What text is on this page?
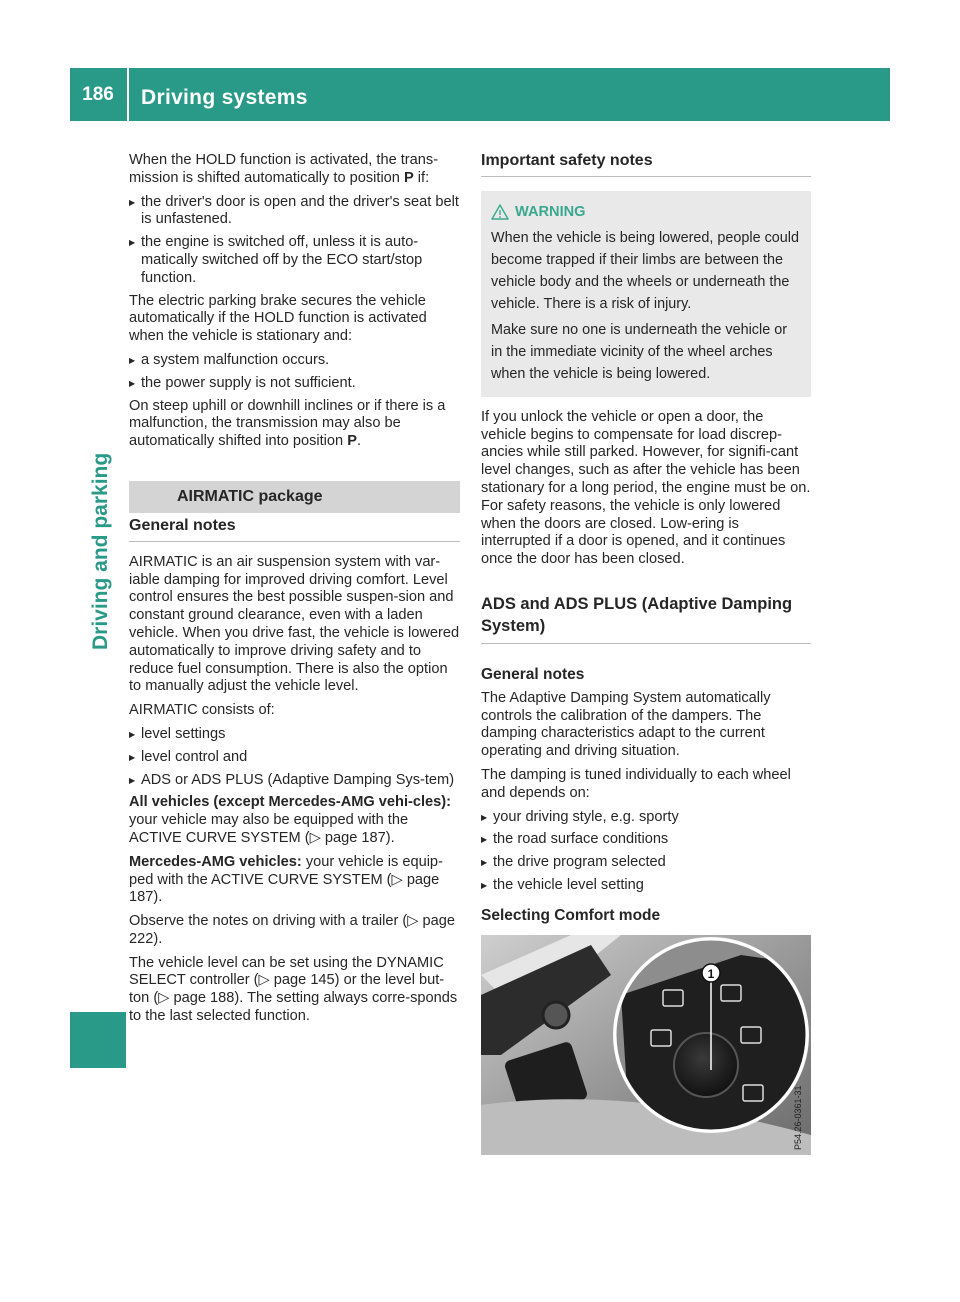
186	Driving systems
Driving and parking

When the HOLD function is activated, the trans-mission is shifted automatically to position P if:

▶ the driver's door is open and the driver's seat belt is unfastened.
▶ the engine is switched off, unless it is auto-matically switched off by the ECO start/stop function.

The electric parking brake secures the vehicle automatically if the HOLD function is activated when the vehicle is stationary and:

▶ a system malfunction occurs.
▶ the power supply is not sufficient.

On steep uphill or downhill inclines or if there is a malfunction, the transmission may also be automatically shifted into position P.

AIRMATIC package
General notes

AIRMATIC is an air suspension system with var-iable damping for improved driving comfort. Level control ensures the best possible suspen-sion and constant ground clearance, even with a laden vehicle. When you drive fast, the vehicle is lowered automatically to improve driving safety and to reduce fuel consumption. There is also the option to manually adjust the vehicle level.

AIRMATIC consists of:

▶ level settings
▶ level control and
▶ ADS or ADS PLUS (Adaptive Damping Sys-tem)

All vehicles (except Mercedes-AMG vehi-cles): your vehicle may also be equipped with the ACTIVE CURVE SYSTEM (▷ page 187).

Mercedes-AMG vehicles: your vehicle is equip-ped with the ACTIVE CURVE SYSTEM (▷ page 187).

Observe the notes on driving with a trailer (▷ page 222).

The vehicle level can be set using the DYNAMIC SELECT controller (▷ page 145) or the level but-ton (▷ page 188). The setting always corre-sponds to the last selected function.

Important safety notes
WARNING

When the vehicle is being lowered, people could become trapped if their limbs are between the vehicle body and the wheels or underneath the vehicle. There is a risk of injury.

Make sure no one is underneath the vehicle or in the immediate vicinity of the wheel arches when the vehicle is being lowered.

If you unlock the vehicle or open a door, the vehicle begins to compensate for load discrep-ancies while still parked. However, for signifi-cant level changes, such as after the vehicle has been stationary for a long period, the engine must be on. For safety reasons, the vehicle is only lowered when the doors are closed. Low-ering is interrupted if a door is opened, and it continues once the door has been closed.

ADS and ADS PLUS (Adaptive Damping System)
General notes

The Adaptive Damping System automatically controls the calibration of the dampers. The damping characteristics adapt to the current operating and driving situation.

The damping is tuned individually to each wheel and depends on:

▶ your driving style, e.g. sporty
▶ the road surface conditions
▶ the drive program selected
▶ the vehicle level setting
Selecting Comfort mode
1
P54.26-0361-31
